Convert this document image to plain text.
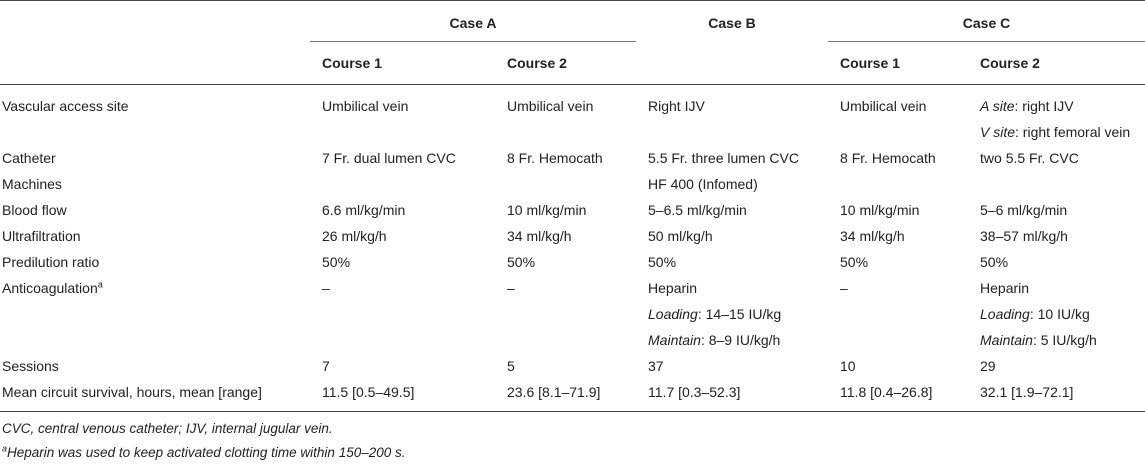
	Case A		Case B	Case C	
	Course 1	Course 2		Course 1	Course 2
Vascular access site	Umbilical vein	Umbilical vein	Right IJV	Umbilical vein	A site: right IJV
					V site: right femoral vein
Catheter	7 Fr. dual lumen CVC	8 Fr. Hemocath	5.5 Fr. three lumen CVC	8 Fr. Hemocath	two 5.5 Fr. CVC
Machines			HF 400 (Infomed)		
Blood flow	6.6 ml/kg/min	10 ml/kg/min	5–6.5 ml/kg/min	10 ml/kg/min	5–6 ml/kg/min
Ultrafiltration	26 ml/kg/h	34 ml/kg/h	50 ml/kg/h	34 ml/kg/h	38–57 ml/kg/h
Predilution ratio	50%	50%	50%	50%	50%
Anticoagulation$^a$	–	–	Heparin	–	Heparin
			Loading: 14–15 IU/kg		Loading: 10 IU/kg
			Maintain: 8–9 IU/kg/h		Maintain: 5 IU/kg/h
Sessions	7	5	37	10	29
Mean circuit survival, hours, mean [range]	11.5 [0.5–49.5]	23.6 [8.1–71.9]	11.7 [0.3–52.3]	11.8 [0.4–26.8]	32.1 [1.9–72.1]
CVC, central venous catheter; IJV, internal jugular vein.
$^a$Heparin was used to keep activated clotting time within 150–200 s.
